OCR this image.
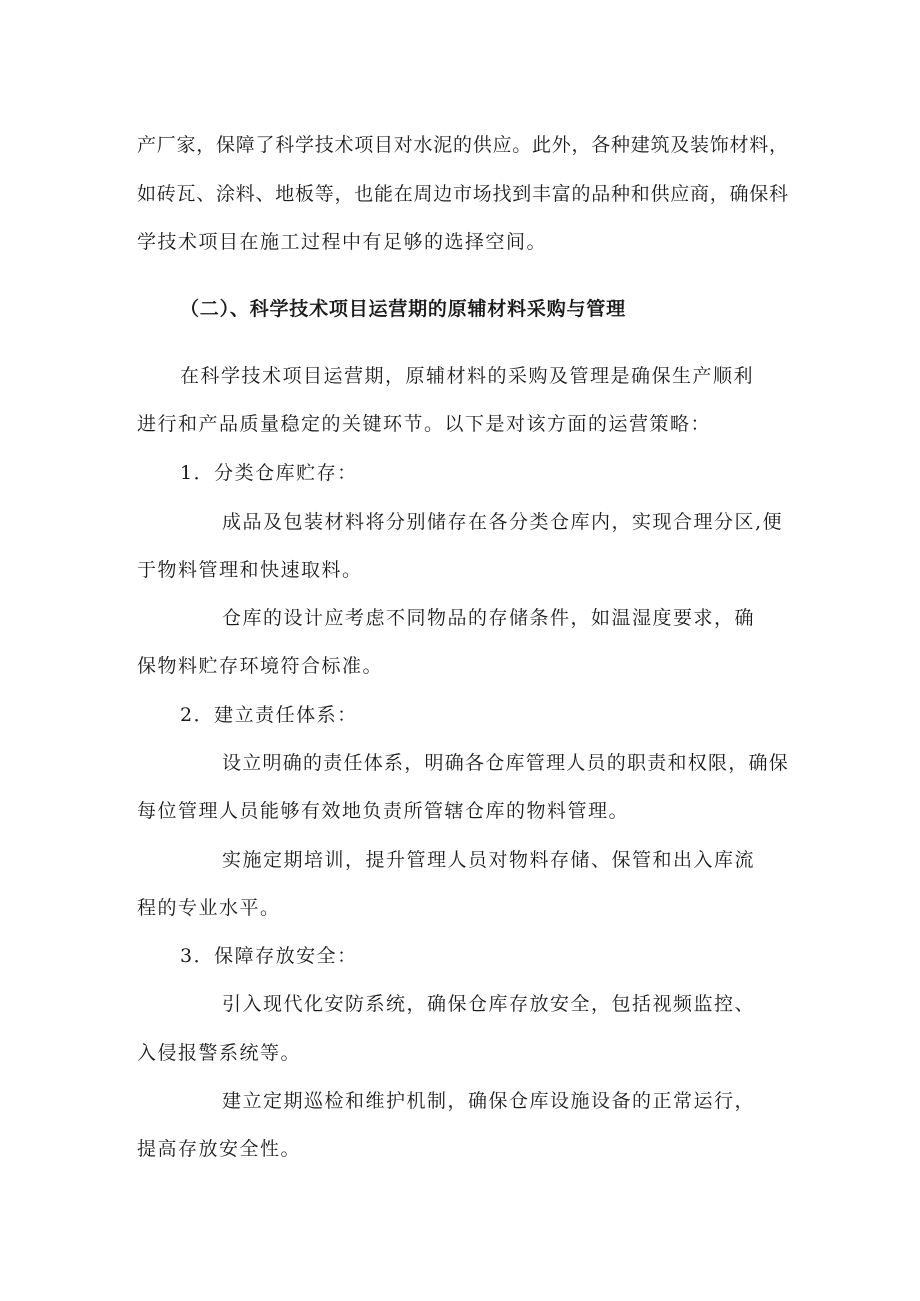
产厂家，保障了科学技术项目对水泥的供应。此外，各种建筑及装饰材料，

如砖瓦、涂料、地板等，也能在周边市场找到丰富的品种和供应商，确保科

学技术项目在施工过程中有足够的选择空间。

（二）、科学技术项目运营期的原辅材料采购与管理

在科学技术项目运营期，原辅材料的采购及管理是确保生产顺利

进行和产品质量稳定的关键环节。以下是对该方面的运营策略：

1．分类仓库贮存：

成品及包装材料将分别储存在各分类仓库内，实现合理分区,便

于物料管理和快速取料。

仓库的设计应考虑不同物品的存储条件，如温湿度要求，确

保物料贮存环境符合标准。

2．建立责任体系：

设立明确的责任体系，明确各仓库管理人员的职责和权限，确保

每位管理人员能够有效地负责所管辖仓库的物料管理。

实施定期培训，提升管理人员对物料存储、保管和出入库流

程的专业水平。

3．保障存放安全：

引入现代化安防系统，确保仓库存放安全，包括视频监控、

入侵报警系统等。

建立定期巡检和维护机制，确保仓库设施设备的正常运行，

提高存放安全性。
